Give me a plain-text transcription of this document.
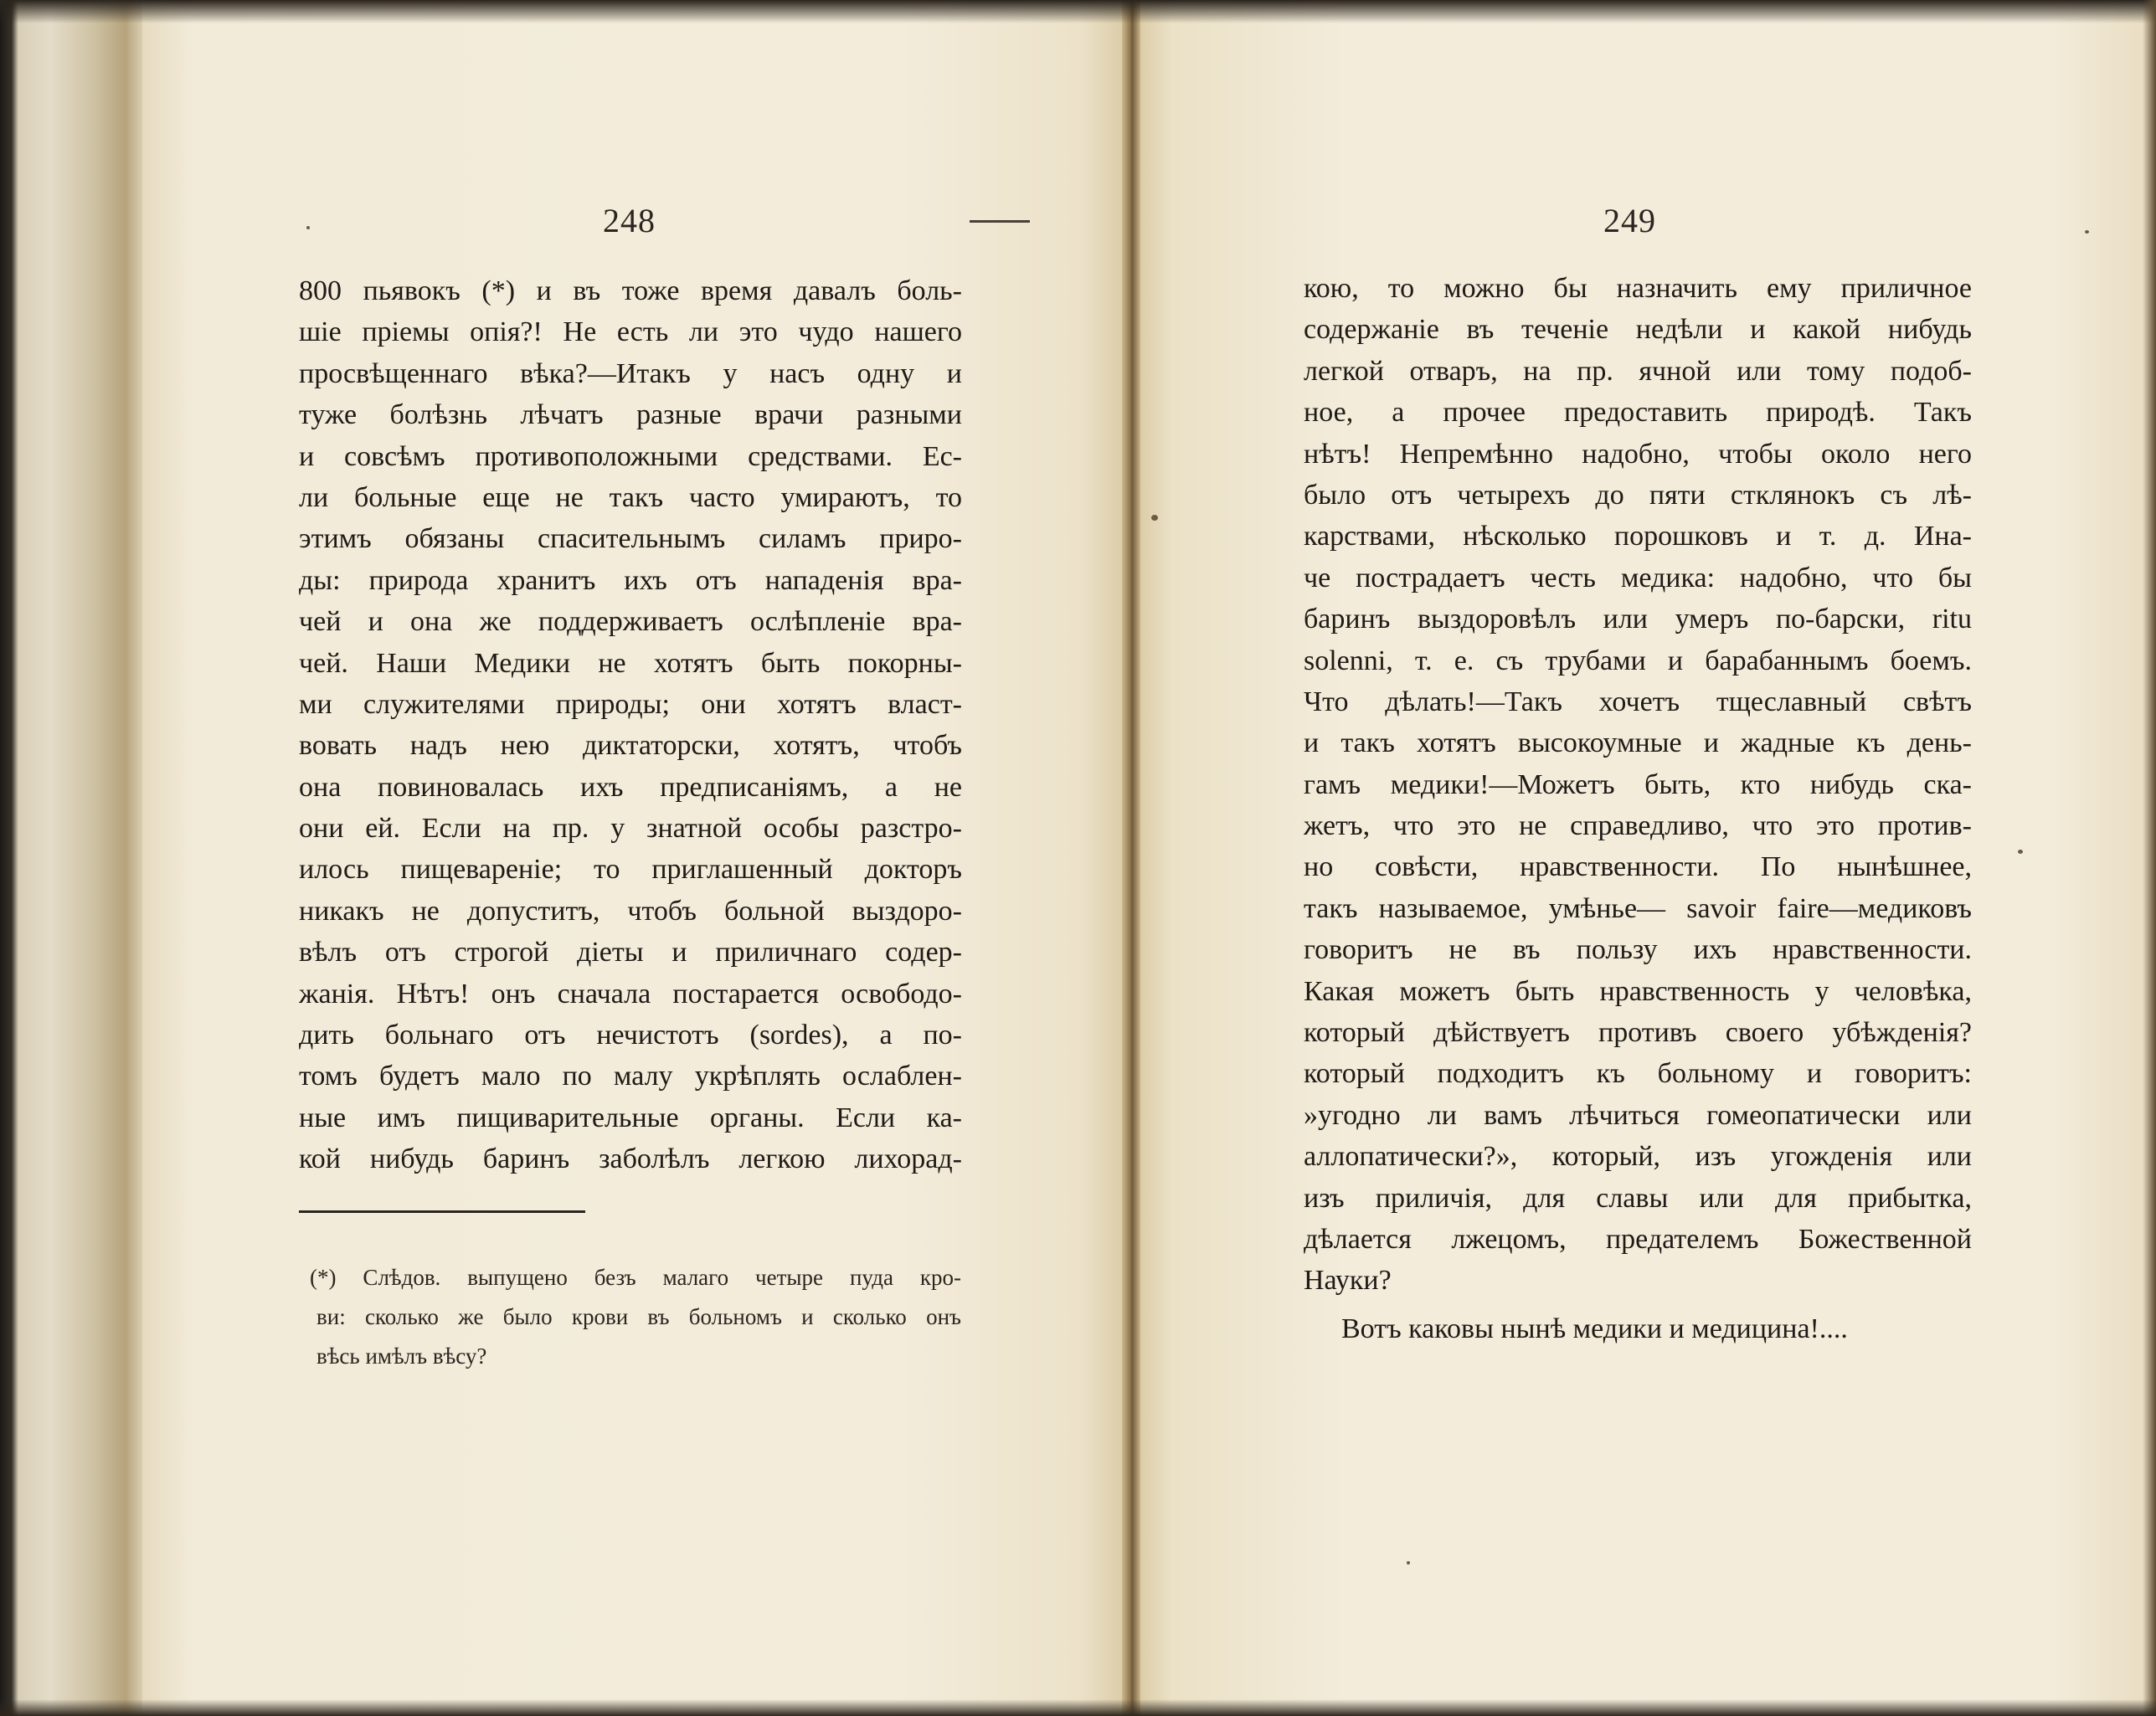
248	249
800 пьявокъ (*) и въ тоже время давалъ боль-
шіе пріемы опія?! Не есть ли это чудо нашего
просвѣщеннаго вѣка?—Итакъ у насъ одну и
туже болѣзнь лѣчатъ разные врачи разными
и совсѣмъ противоположными средствами. Ес-
ли больные еще не такъ часто умираютъ, то
этимъ обязаны спасительнымъ силамъ приро-
ды: природа хранитъ ихъ отъ нападенія вра-
чей и она же поддерживаетъ ослѣпленіе вра-
чей. Наши Медики не хотятъ быть покорны-
ми служителями природы; они хотятъ власт-
вовать надъ нею диктаторски, хотятъ, чтобъ
она повиновалась ихъ предписаніямъ, а не
они ей. Если на пр. у знатной особы разстро-
илось пищевареніе; то приглашенный докторъ
никакъ не допуститъ, чтобъ больной выздоро-
вѣлъ отъ строгой діеты и приличнаго содер-
жанія. Нѣтъ! онъ сначала постарается освободо-
дить больнаго отъ нечистотъ (sordes), а по-
томъ будетъ мало по малу укрѣплять ослаблен-
ные имъ пищиварительные органы. Если ка-
кой нибудь баринъ заболѣлъ легкою лихорад-
(*) Слѣдов. выпущено безъ малаго четыре пуда кро-
ви: сколько же было крови въ больномъ и сколько онъ
вѣсь имѣлъ вѣсу?
кою, то можно бы назначить ему приличное
содержаніе въ теченіе недѣли и какой нибудь
легкой отваръ, на пр. ячной или тому подоб-
ное, а прочее предоставить природѣ. Такъ
нѣтъ! Непремѣнно надобно, чтобы около него
было отъ четырехъ до пяти стклянокъ съ лѣ-
карствами, нѣсколько порошковъ и т. д. Ина-
че пострадаетъ честь медика: надобно, что бы
баринъ выздоровѣлъ или умеръ по-барски, ritu
solenni, т. е. съ трубами и барабаннымъ боемъ.
Что дѣлать!—Такъ хочетъ тщеславный свѣтъ
и такъ хотятъ высокоумные и жадные къ день-
гамъ медики!—Можетъ быть, кто нибудь ска-
жетъ, что это не справедливо, что это против-
но совѣсти, нравственности. По нынѣшнее,
такъ называемое, умѣнье— savoir faire—медиковъ
говоритъ не въ пользу ихъ нравственности.
Какая можетъ быть нравственность у человѣка,
который дѣйствуетъ противъ своего убѣжденія?
который подходитъ къ больному и говоритъ:
»угодно ли вамъ лѣчиться гомеопатически или
аллопатически?», который, изъ угожденія или
изъ приличія, для славы или для прибытка,
дѣлается лжецомъ, предателемъ Божественной
Науки?
Вотъ каковы нынѣ медики и медицина!....
